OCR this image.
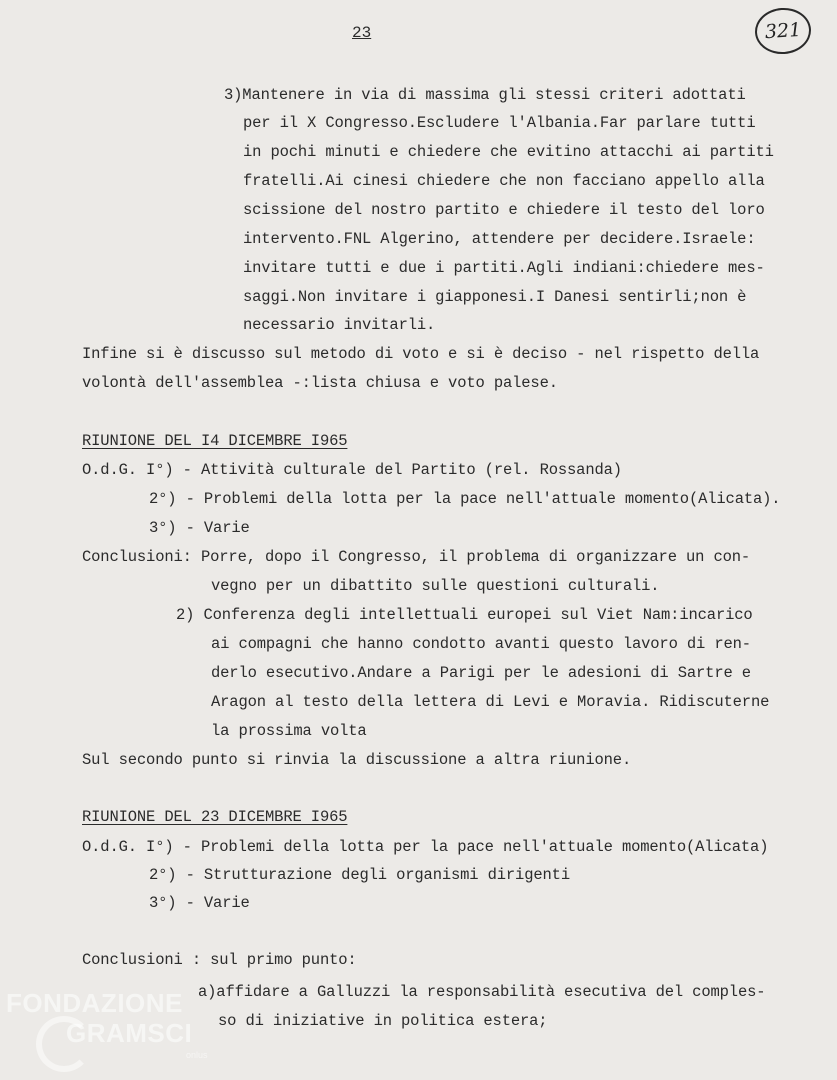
23	321
3)Mantenere in via di massima gli stessi criteri adottati
per il X Congresso.Escludere l'Albania.Far parlare tutti
in pochi minuti e chiedere che evitino attacchi ai partiti
fratelli.Ai cinesi chiedere che non facciano appello alla
scissione del nostro partito e chiedere il testo del loro
intervento.FNL Algerino, attendere per decidere.Israele:
invitare tutti e due i partiti.Agli indiani:chiedere mes-
saggi.Non invitare i giapponesi.I Danesi sentirli;non è
necessario invitarli.
Infine si è discusso sul metodo di voto e si è deciso - nel rispetto della
volontà dell'assemblea -:lista chiusa e voto palese.
RIUNIONE DEL I4 DICEMBRE I965
O.d.G. I°) - Attività culturale del Partito (rel. Rossanda)
2°) - Problemi della lotta per la pace nell'attuale momento(Alicata).
3°) - Varie
Conclusioni: Porre, dopo il Congresso, il problema di organizzare un con-
vegno per un dibattito sulle questioni culturali.
2) Conferenza degli intellettuali europei sul Viet Nam:incarico
ai compagni che hanno condotto avanti questo lavoro di ren-
derlo esecutivo.Andare a Parigi per le adesioni di Sartre e
Aragon al testo della lettera di Levi e Moravia. Ridiscuterne
la prossima volta
Sul secondo punto si rinvia la discussione a altra riunione.
RIUNIONE DEL 23 DICEMBRE I965
O.d.G. I°) - Problemi della lotta per la pace nell'attuale momento(Alicata)
2°) - Strutturazione degli organismi dirigenti
3°) - Varie
Conclusioni : sul primo punto:
a)affidare a Galluzzi la responsabilità esecutiva del comples-
so di iniziative in politica estera;
FONDAZIONE
GRAMSCI
onlus
